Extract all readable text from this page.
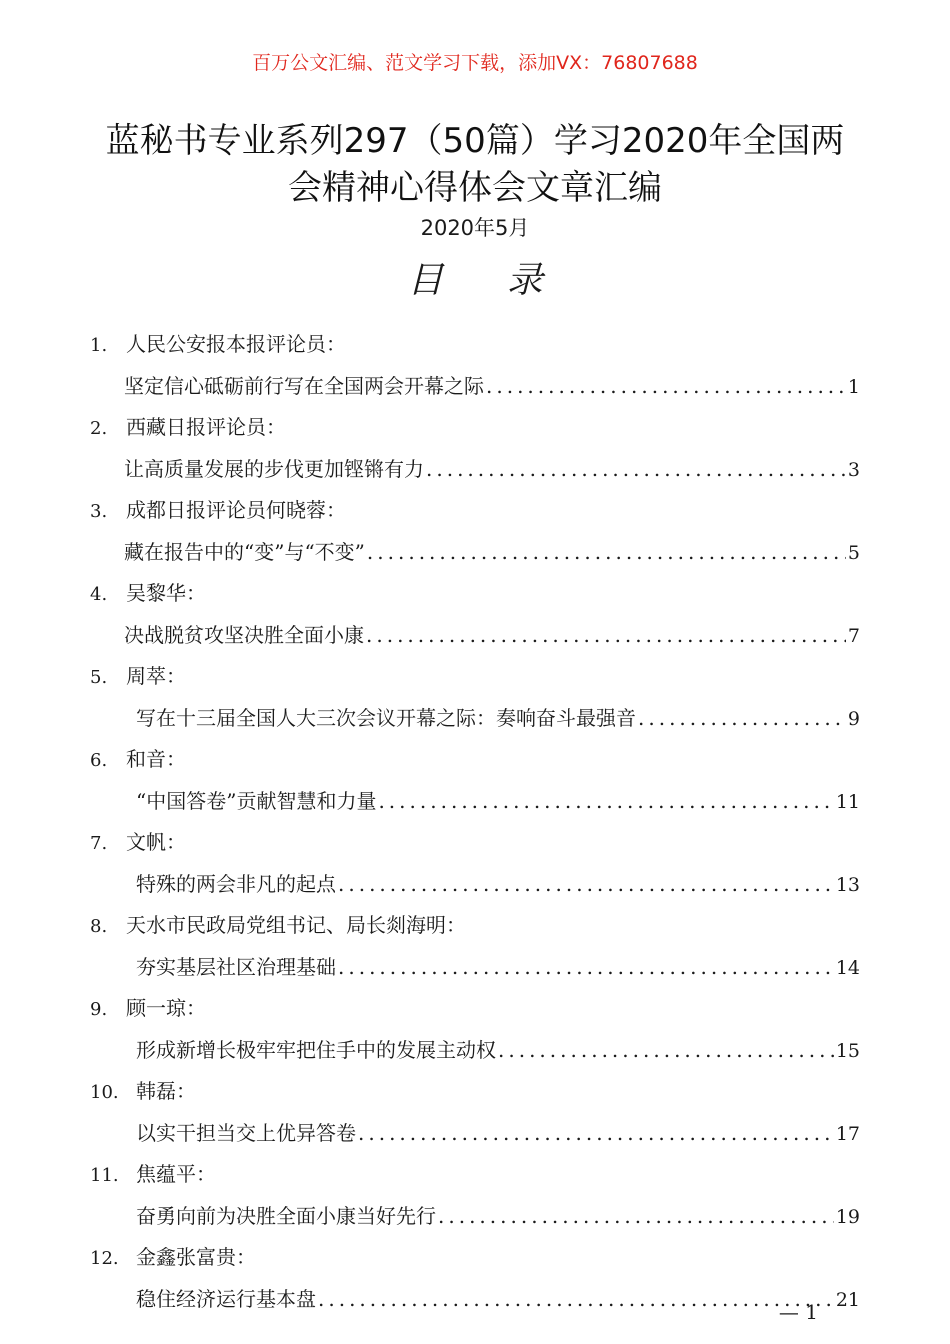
百万公文汇编、范文学习下载，添加VX：76807688
蓝秘书专业系列297（50篇）学习2020年全国两
会精神心得体会文章汇编
2020年5月
目 录
1. 人民公安报本报评论员：
坚定信心砥砺前行写在全国两会开幕之际 .....	1
2. 西藏日报评论员：
让高质量发展的步伐更加铿锵有力 .....	3
3. 成都日报评论员何晓蓉：
藏在报告中的“变”与“不变” .....	5
4. 吴黎华：
决战脱贫攻坚决胜全面小康 .....	7
5. 周萃：
写在十三届全国人大三次会议开幕之际：奏响奋斗最强音 .....	9
6. 和音：
“中国答卷”贡献智慧和力量 .....	11
7. 文帆：
特殊的两会非凡的起点 .....	13
8. 天水市民政局党组书记、局长剡海明：
夯实基层社区治理基础 .....	14
9. 顾一琼：
形成新增长极牢牢把住手中的发展主动权 .....	15
10. 韩磊：
以实干担当交上优异答卷 .....	17
11. 焦蕴平：
奋勇向前为决胜全面小康当好先行 .....	19
12. 金鑫张富贵：
稳住经济运行基本盘 .....	21
— 1
